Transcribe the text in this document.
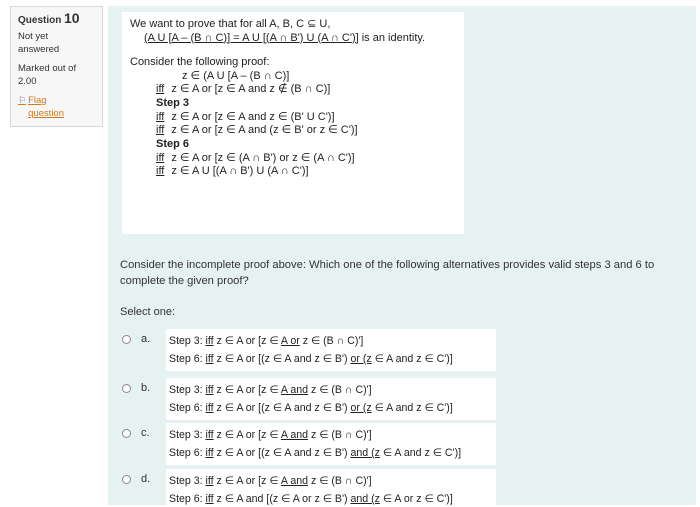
Question 10
Not yet
answered
Marked out of
2.00
⚐ Flag
question
We want to prove that for all A, B, C ⊆ U,
(A U [A – (B ∩ C)] = A U [(A ∩ B') U (A ∩ C')] is an identity.
Consider the following proof:
z ∈ (A U [A – (B ∩ C)]
iff z ∈ A or [z ∈ A and z ∉ (B ∩ C)]
Step 3
iff z ∈ A or [z ∈ A and z ∈ (B' U C')]
iff z ∈ A or [z ∈ A and (z ∈ B' or z ∈ C')]
Step 6
iff z ∈ A or [z ∈ (A ∩ B') or z ∈ (A ∩ C')]
iff z ∈ A U [(A ∩ B') U (A ∩ C')]
Consider the incomplete proof above: Which one of the following alternatives provides valid steps 3 and 6 to complete the given proof?
Select one:
a. Step 3: iff z ∈ A or [z ∈ A or z ∈ (B ∩ C)']
Step 6: iff z ∈ A or [(z ∈ A and z ∈ B') or (z ∈ A and z ∈ C')]
b. Step 3: iff z ∈ A or [z ∈ A and z ∈ (B ∩ C)']
Step 6: iff z ∈ A or [(z ∈ A and z ∈ B') or (z ∈ A and z ∈ C')]
c. Step 3: iff z ∈ A or [z ∈ A and z ∈ (B ∩ C)']
Step 6: iff z ∈ A or [(z ∈ A and z ∈ B') and (z ∈ A and z ∈ C')]
d. Step 3: iff z ∈ A or [z ∈ A and z ∈ (B ∩ C)']
Step 6: iff z ∈ A and [(z ∈ A or z ∈ B') and (z ∈ A or z ∈ C')]
